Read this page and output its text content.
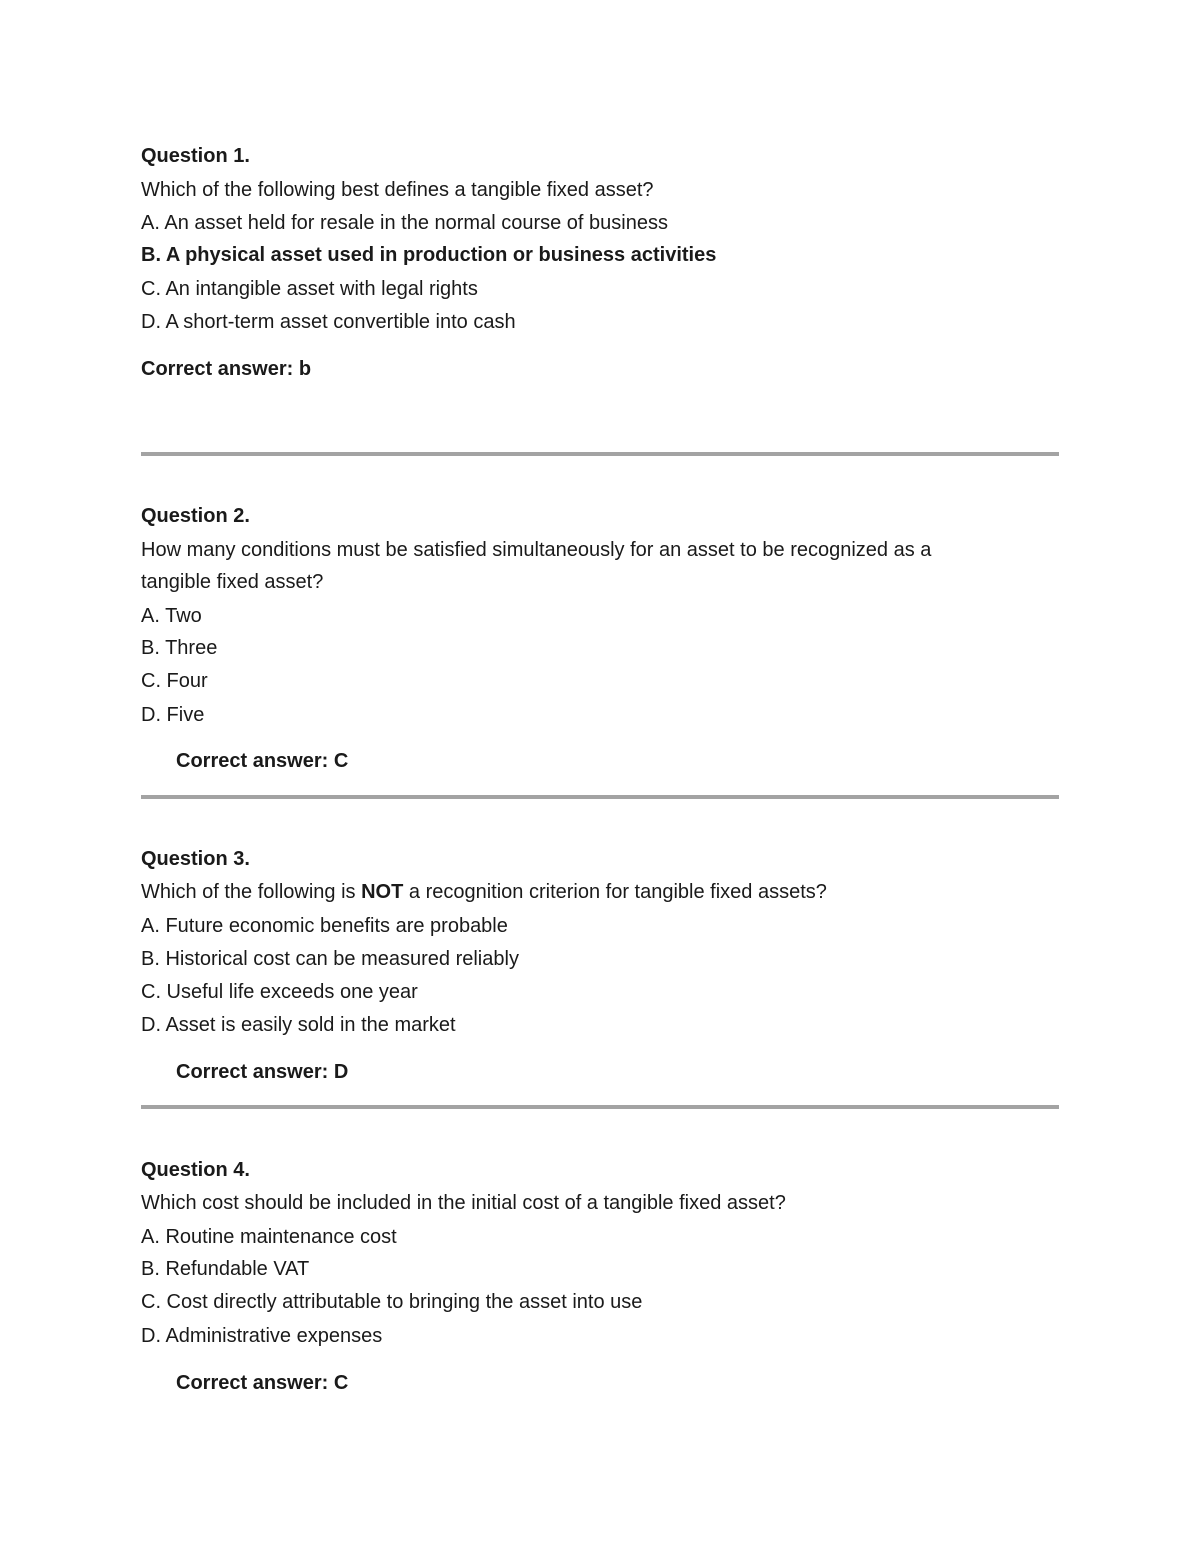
Question 1.
Which of the following best defines a tangible fixed asset?
A. An asset held for resale in the normal course of business
B. A physical asset used in production or business activities
C. An intangible asset with legal rights
D. A short-term asset convertible into cash
Correct answer: b
Question 2.
How many conditions must be satisfied simultaneously for an asset to be recognized as a
tangible fixed asset?
A. Two
B. Three
C. Four
D. Five
Correct answer: C
Question 3.
Which of the following is NOT a recognition criterion for tangible fixed assets?
A. Future economic benefits are probable
B. Historical cost can be measured reliably
C. Useful life exceeds one year
D. Asset is easily sold in the market
Correct answer: D
Question 4.
Which cost should be included in the initial cost of a tangible fixed asset?
A. Routine maintenance cost
B. Refundable VAT
C. Cost directly attributable to bringing the asset into use
D. Administrative expenses
Correct answer: C
